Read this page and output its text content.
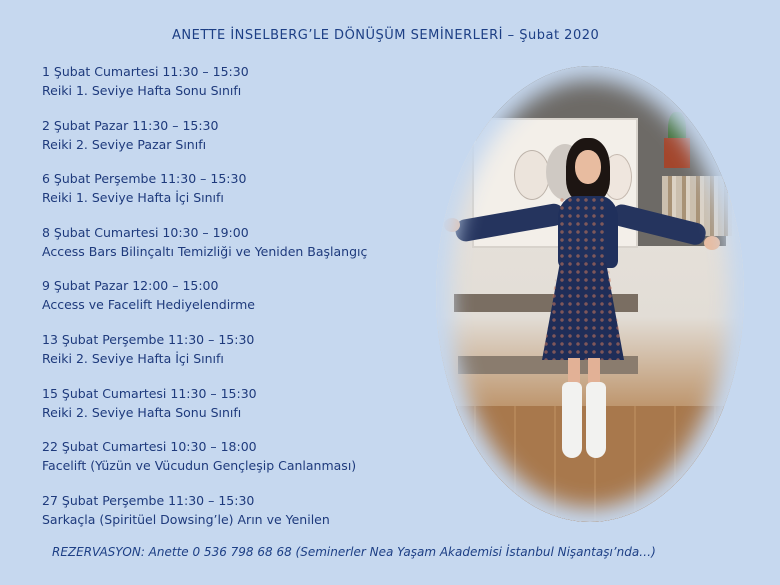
ANETTE İNSELBERG’LE DÖNÜŞÜM SEMİNERLERİ – Şubat 2020
1 Şubat Cumartesi 11:30 – 15:30
Reiki 1. Seviye Hafta Sonu Sınıfı
2 Şubat Pazar 11:30 – 15:30
Reiki 2. Seviye Pazar Sınıfı
6 Şubat Perşembe 11:30 – 15:30
Reiki 1. Seviye Hafta İçi Sınıfı
8 Şubat Cumartesi 10:30 – 19:00
Access Bars Bilinçaltı Temizliği ve Yeniden Başlangıç
9 Şubat Pazar 12:00 – 15:00
Access ve Facelift Hediyelendirme
13 Şubat Perşembe 11:30 – 15:30
Reiki 2. Seviye Hafta İçi Sınıfı
15 Şubat Cumartesi 11:30 – 15:30
Reiki 2. Seviye Hafta Sonu Sınıfı
22 Şubat Cumartesi 10:30 – 18:00
Facelift (Yüzün ve Vücudun Gençleşip Canlanması)
27 Şubat Perşembe 11:30 – 15:30
Sarkaçla (Spiritüel Dowsing’le) Arın ve Yenilen
REZERVASYON: Anette 0 536 798 68 68 (Seminerler Nea Yaşam Akademisi İstanbul Nişantaşı’nda…)
